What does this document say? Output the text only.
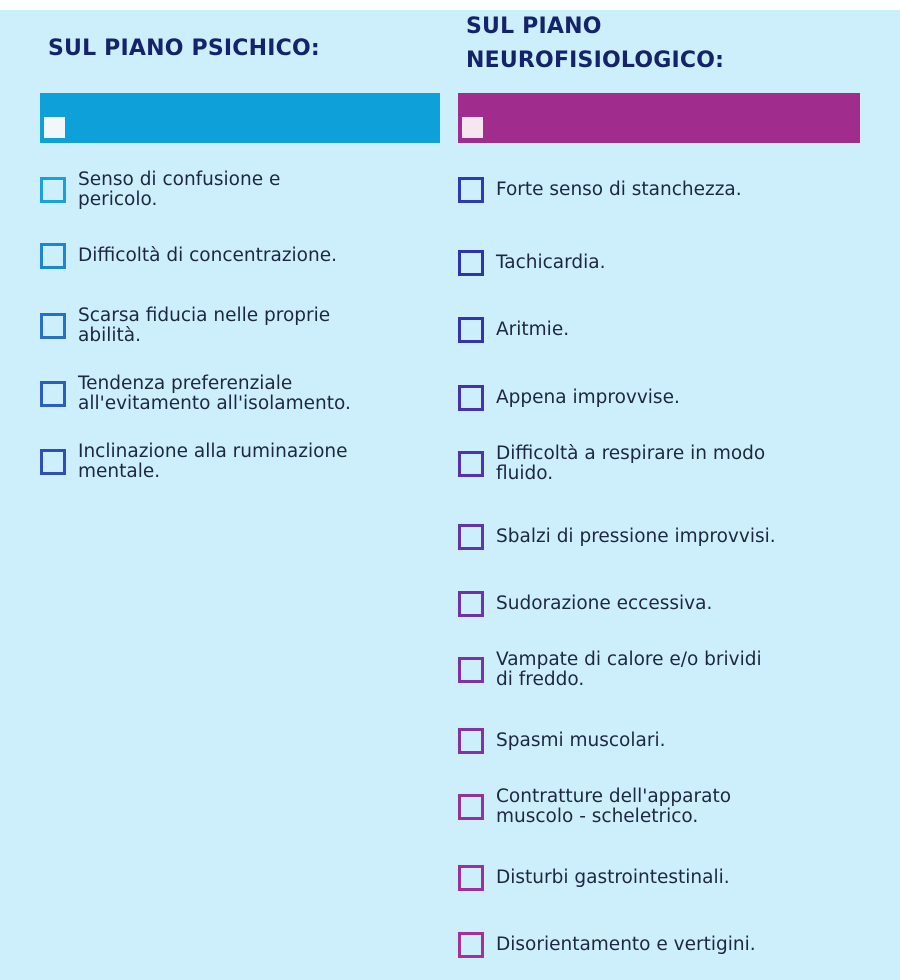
SUL PIANO PSICHICO:
Senso di confusione e
pericolo.
Difficoltà di concentrazione.
Scarsa fiducia nelle proprie
abilità.
Tendenza preferenziale
all'evitamento all'isolamento.
Inclinazione alla ruminazione
mentale.
SUL PIANO
NEUROFISIOLOGICO:
Forte senso di stanchezza.
Tachicardia.
Aritmie.
Appena improvvise.
Difficoltà a respirare in modo
fluido.
Sbalzi di pressione improvvisi.
Sudorazione eccessiva.
Vampate di calore e/o brividi
di freddo.
Spasmi muscolari.
Contratture dell'apparato
muscolo - scheletrico.
Disturbi gastrointestinali.
Disorientamento e vertigini.
